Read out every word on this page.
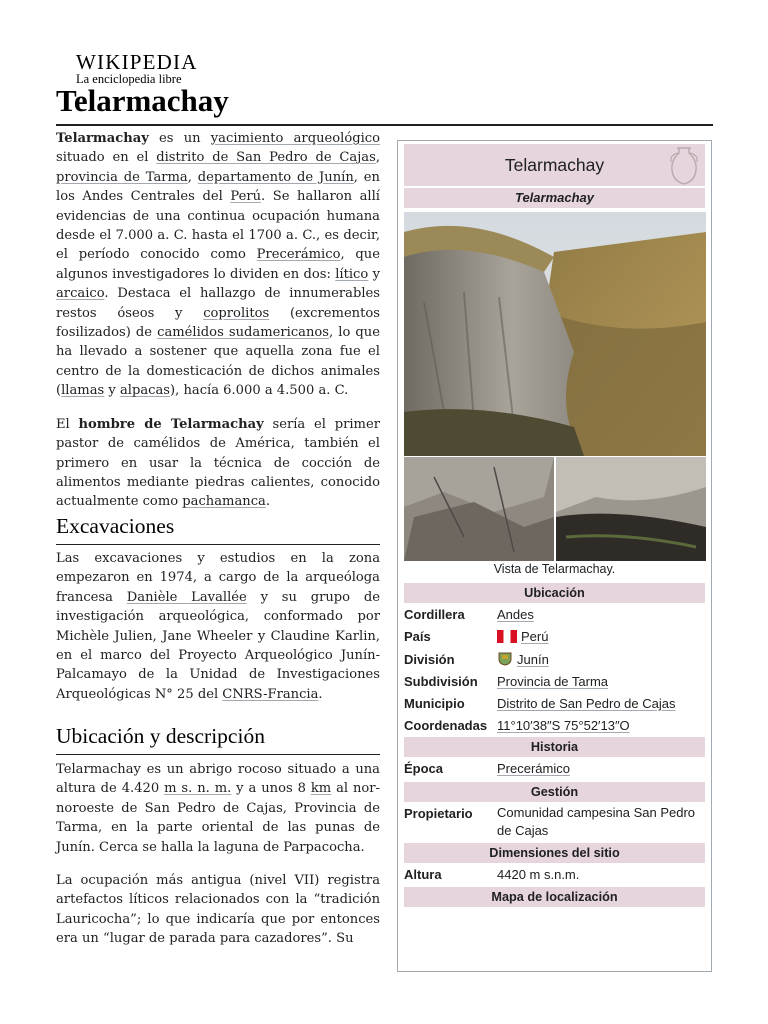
WIKIPEDIA
La enciclopedia libre
Telarmachay

Telarmachay es un yacimiento arqueológico situado en el distrito de San Pedro de Cajas, provincia de Tarma, departamento de Junín, en los Andes Centrales del Perú. Se hallaron allí evidencias de una continua ocupación humana desde el 7.000 a. C. hasta el 1700 a. C., es decir, el período conocido como Precerámico, que algunos investigadores lo dividen en dos: lítico y arcaico. Destaca el hallazgo de innumerables restos óseos y coprolitos (excrementos fosilizados) de camélidos sudamericanos, lo que ha llevado a sostener que aquella zona fue el centro de la domesticación de dichos animales (llamas y alpacas), hacía 6.000 a 4.500 a. C.

El hombre de Telarmachay sería el primer pastor de camélidos de América, también el primero en usar la técnica de cocción de alimentos mediante piedras calientes, conocido actualmente como pachamanca.

Excavaciones

Las excavaciones y estudios en la zona empezaron en 1974, a cargo de la arqueóloga francesa Danièle Lavallée y su grupo de investigación arqueológica, conformado por Michèle Julien, Jane Wheeler y Claudine Karlin, en el marco del Proyecto Arqueológico Junín-Palcamayo de la Unidad de Investigaciones Arqueológicas N° 25 del CNRS-Francia.

Ubicación y descripción

Telarmachay es un abrigo rocoso situado a una altura de 4.420 m s. n. m. y a unos 8 km al nor-noroeste de San Pedro de Cajas, Provincia de Tarma, en la parte oriental de las punas de Junín. Cerca se halla la laguna de Parpacocha.

La ocupación más antigua (nivel VII) registra artefactos líticos relacionados con la “tradición Lauricocha”; lo que indicaría que por entonces era un “lugar de parada para cazadores”. Su

Telarmachay
Telarmachay
Vista de Telarmachay.
Ubicación
Cordillera Andes
País	Perú
División	Junín
Subdivisión Provincia de Tarma
Municipio Distrito de San Pedro de Cajas
Coordenadas 11°10′38″S 75°52′13″O
Historia
Época	Precerámico
Gestión
Propietario Comunidad campesina San Pedro de Cajas
Dimensiones del sitio
Altura	4420 m s.n.m.
Mapa de localización
